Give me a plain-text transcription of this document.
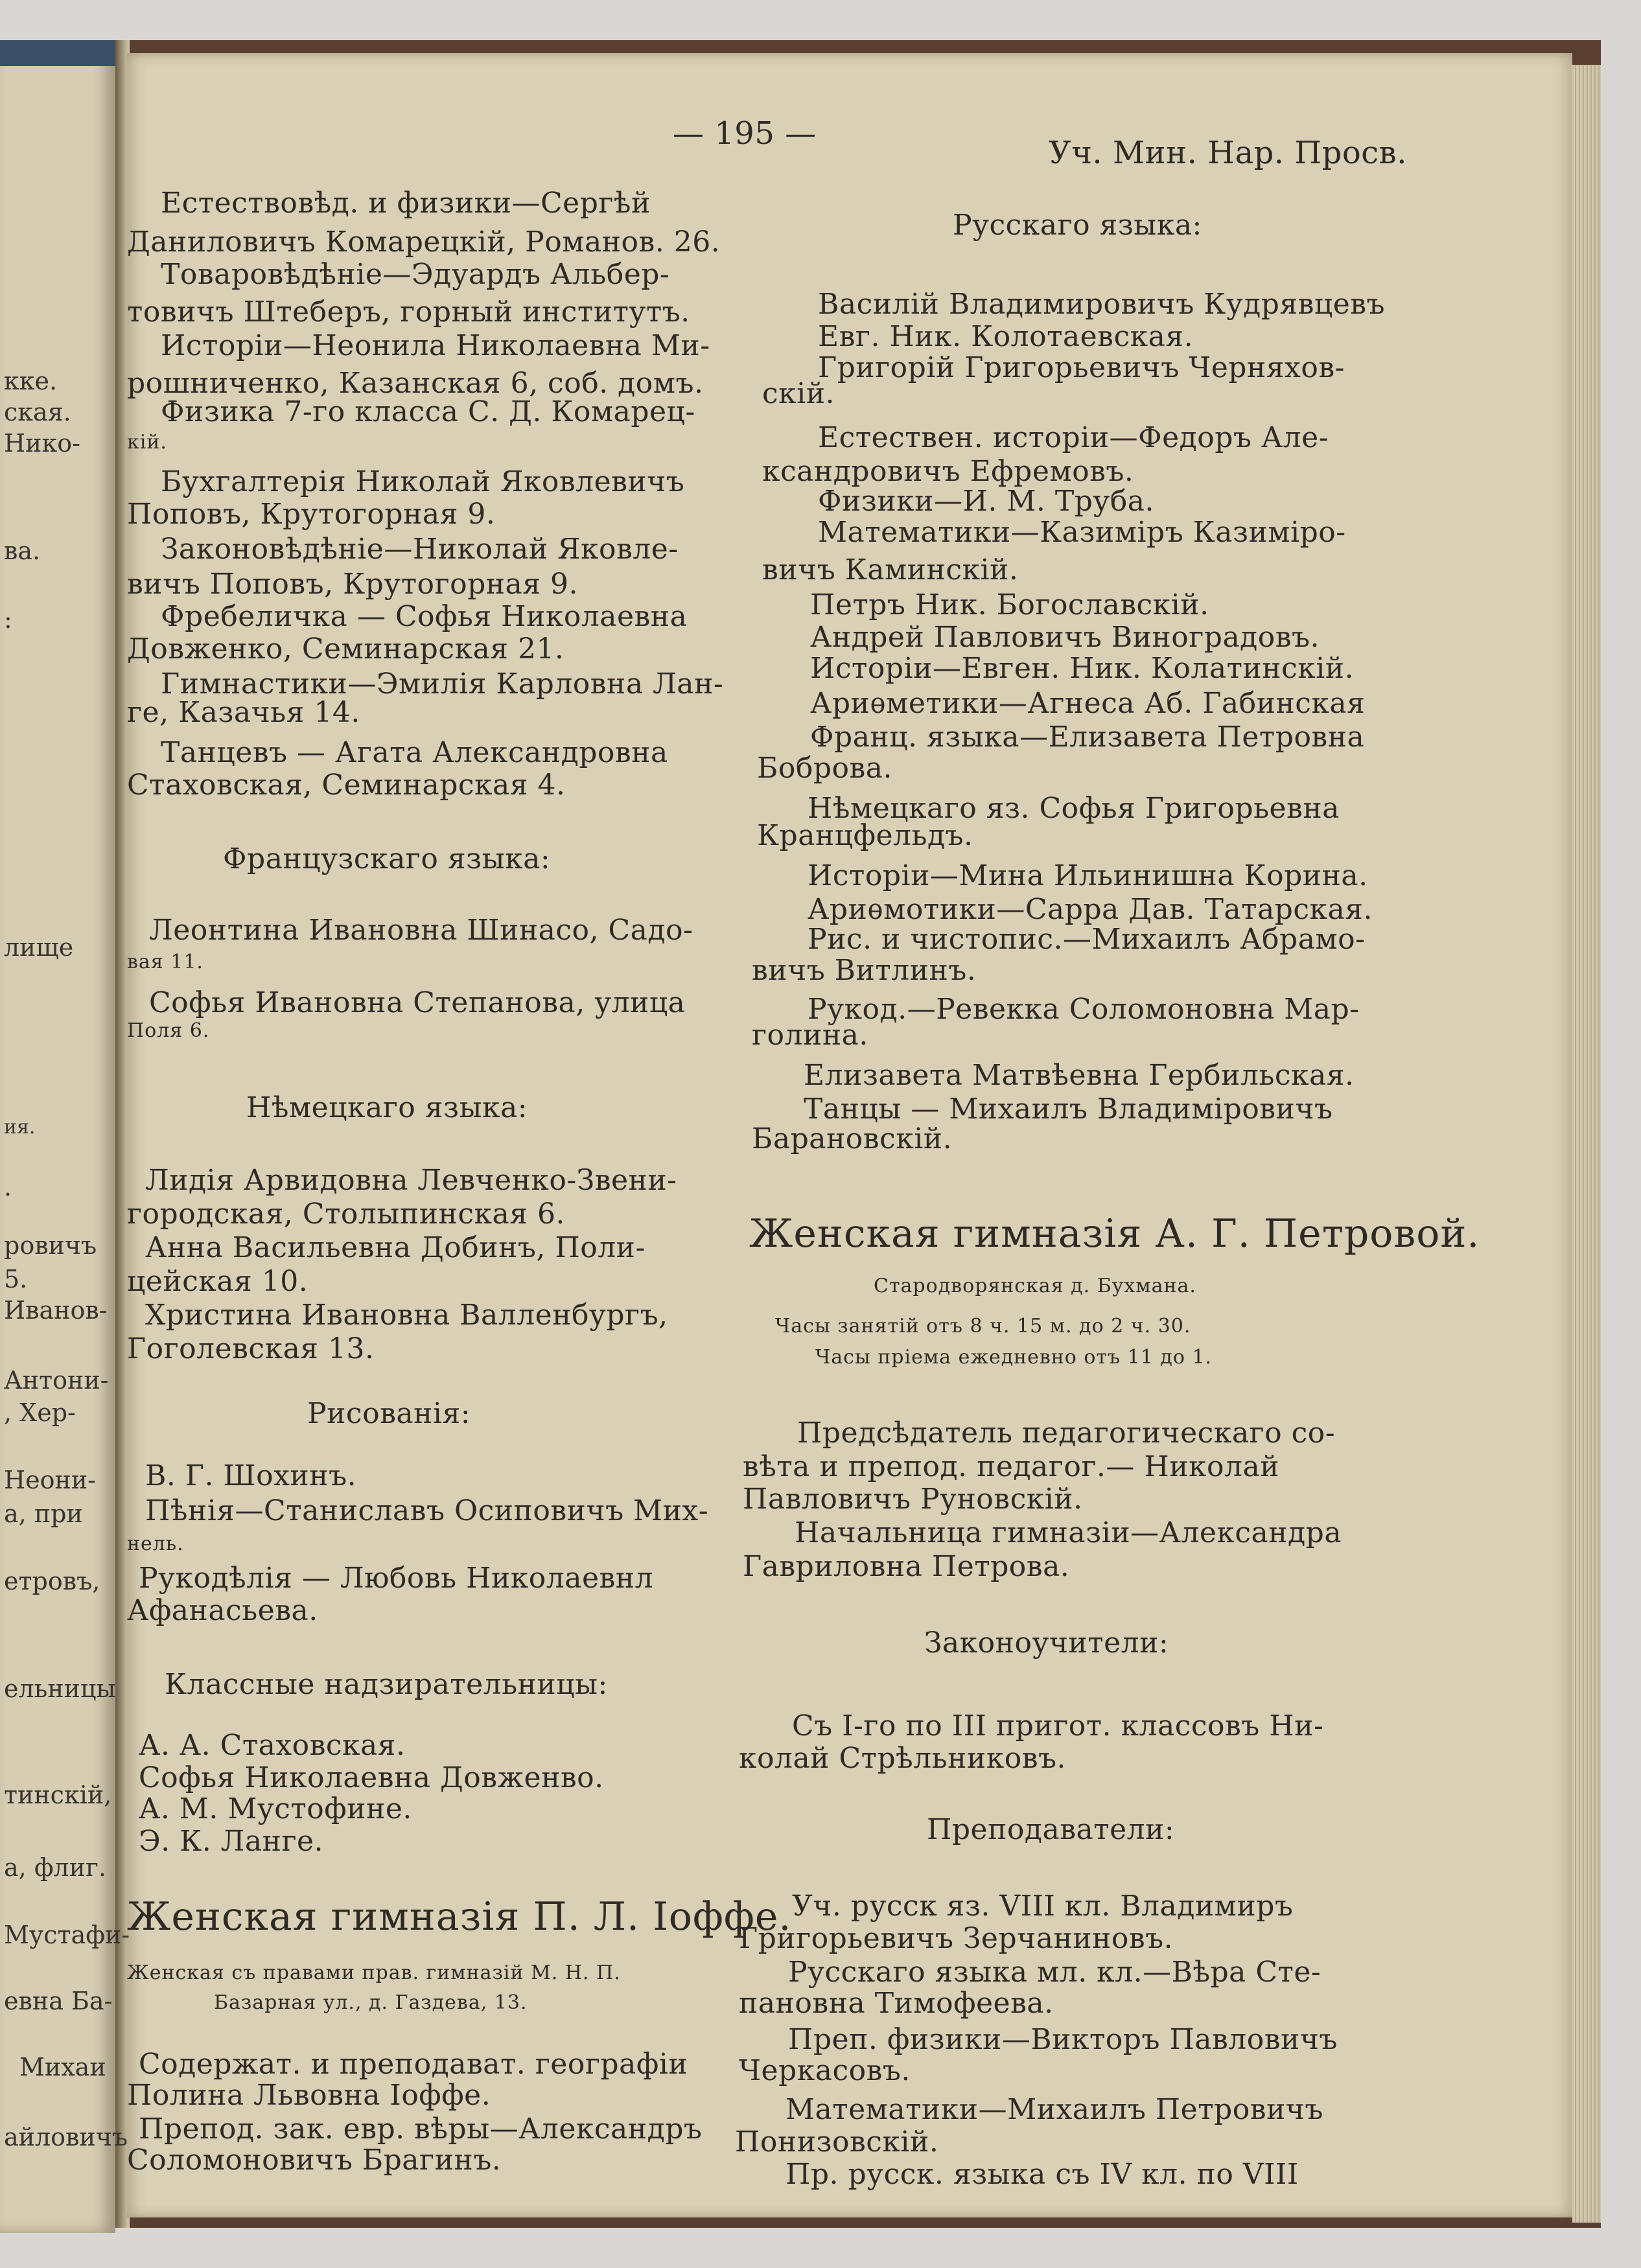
кке.
ская.
Нико-
ва.
:
лище
ия.
.
ровичъ
5.
Иванов-
Антони-
, Хер-
Неони-
а, при
етровъ,
ельницы
тинскій,
а, флиг.
Мустафи-
евна Ба-
Михаи
айловичъ
— 195 —
Уч. Мин. Нар. Просв.
Естествовѣд. и физики—Сергѣй
Даниловичъ Комарецкій, Романов. 26.
Товаровѣдѣніе—Эдуардъ Альбер-
товичъ Штеберъ, горный институтъ.
Исторіи—Неонила Николаевна Ми-
рошниченко, Казанская 6, соб. домъ.
Физика 7-го класса С. Д. Комарец-
кій.
Бухгалтерія Николай Яковлевичъ
Поповъ, Крутогорная 9.
Законовѣдѣніе—Николай Яковле-
вичъ Поповъ, Крутогорная 9.
Фребеличка — Софья Николаевна
Довженко, Семинарская 21.
Гимнастики—Эмилія Карловна Лан-
ге, Казачья 14.
Танцевъ — Агата Александровна
Стаховская, Семинарская 4.
Французскаго языка:
Леонтина Ивановна Шинасо, Садо-
вая 11.
Софья Ивановна Степанова, улица
Поля 6.
Нѣмецкаго языка:
Лидія Арвидовна Левченко-Звени-
городская, Столыпинская 6.
Анна Васильевна Добинъ, Поли-
цейская 10.
Христина Ивановна Валленбургъ,
Гоголевская 13.
Рисованія:
В. Г. Шохинъ.
Пѣнія—Станиславъ Осиповичъ Мих-
нель.
Рукодѣлія — Любовь Николаевнл
Афанасьева.
Классные надзирательницы:
А. А. Стаховская.
Софья Николаевна Довженво.
А. М. Мустофине.
Э. К. Ланге.
Женская гимназія П. Л. Іоффе.
Женская съ правами прав. гимназій М. Н. П.
Базарная ул., д. Газдева, 13.
Содержат. и преподават. географіи
Полина Львовна Іоффе.
Препод. зак. евр. вѣры—Александръ
Соломоновичъ Брагинъ.
Русскаго языка:
Василій Владимировичъ Кудрявцевъ
Евг. Ник. Колотаевская.
Григорій Григорьевичъ Черняхов-
скій.
Естествен. исторіи—Федоръ Але-
ксандровичъ Ефремовъ.
Физики—И. М. Труба.
Математики—Казиміръ Казиміро-
вичъ Каминскій.
Петръ Ник. Богославскій.
Андрей Павловичъ Виноградовъ.
Исторіи—Евген. Ник. Колатинскій.
Ариѳметики—Агнеса Аб. Габинская
Франц. языка—Елизавета Петровна
Боброва.
Нѣмецкаго яз. Софья Григорьевна
Кранцфельдъ.
Исторіи—Мина Ильинишна Корина.
Ариѳмотики—Сарра Дав. Татарская.
Рис. и чистопис.—Михаилъ Абрамо-
вичъ Витлинъ.
Рукод.—Ревекка Соломоновна Мар-
голина.
Елизавета Матвѣевна Гербильская.
Танцы — Михаилъ Владиміровичъ
Барановскій.
Женская гимназія А. Г. Петровой.
Стародворянская д. Бухмана.
Часы занятій отъ 8 ч. 15 м. до 2 ч. 30.
Часы пріема ежедневно отъ 11 до 1.
Предсѣдатель педагогическаго со-
вѣта и препод. педагог.— Николай
Павловичъ Руновскій.
Начальница гимназіи—Александра
Гавриловна Петрова.
Законоучители:
Съ І-го по III пригот. классовъ Ни-
колай Стрѣльниковъ.
Преподаватели:
Уч. русск яз. VIII кл. Владимиръ
Григорьевичъ Зерчаниновъ.
Русскаго языка мл. кл.—Вѣра Сте-
пановна Тимофеева.
Преп. физики—Викторъ Павловичъ
Черкасовъ.
Математики—Михаилъ Петровичъ
Понизовскій.
Пр. русск. языка съ IV кл. по VIII
